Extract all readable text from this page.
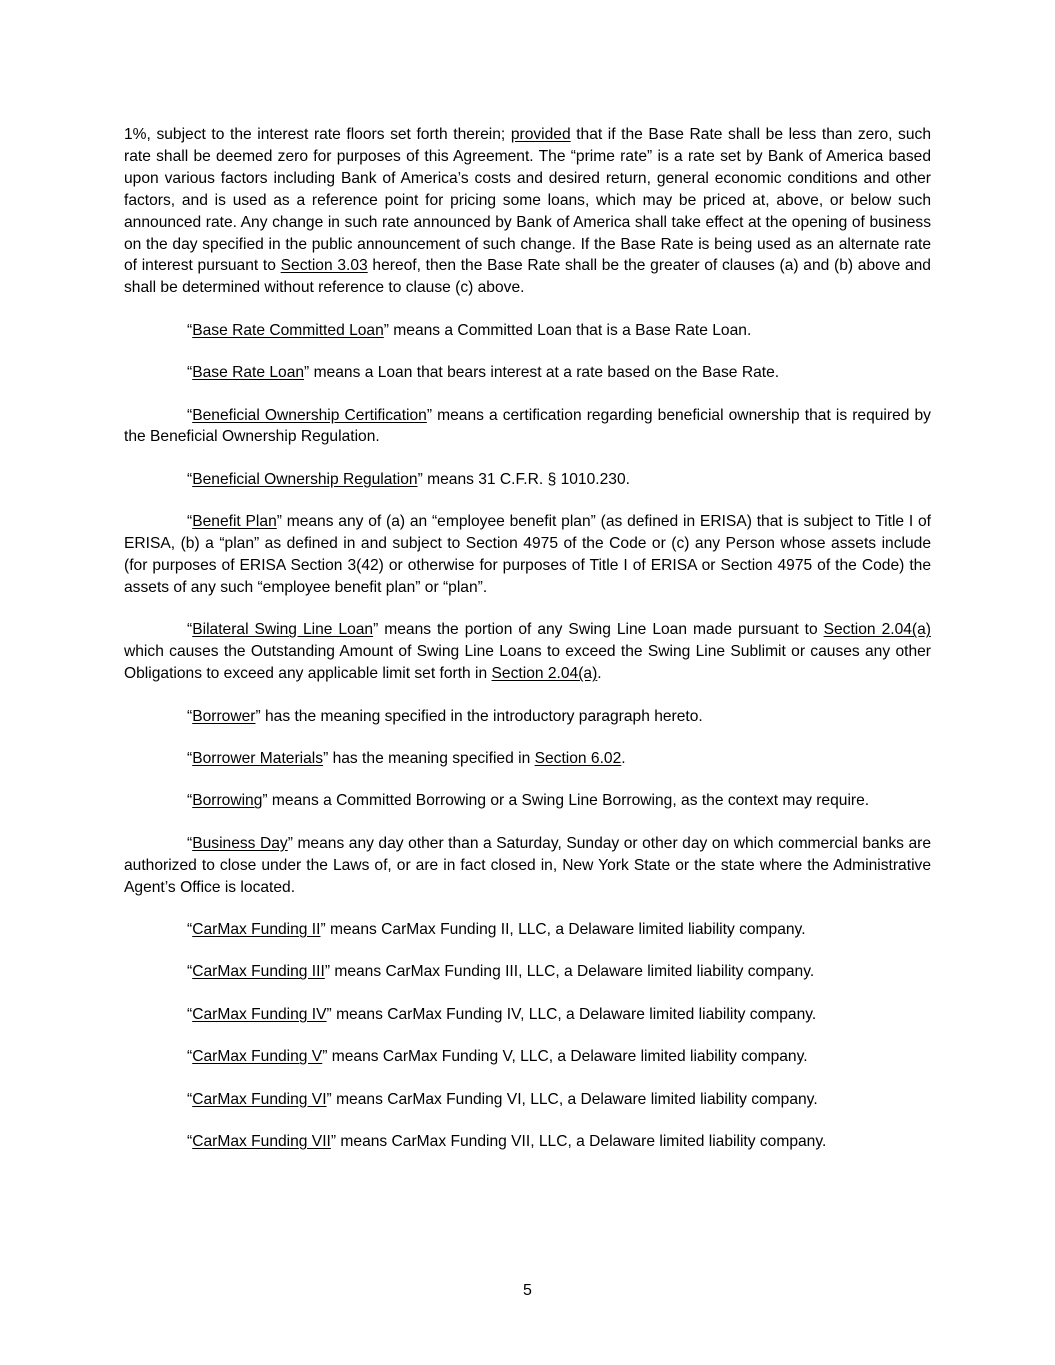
1%, subject to the interest rate floors set forth therein; provided that if the Base Rate shall be less than zero, such rate shall be deemed zero for purposes of this Agreement. The “prime rate” is a rate set by Bank of America based upon various factors including Bank of America’s costs and desired return, general economic conditions and other factors, and is used as a reference point for pricing some loans, which may be priced at, above, or below such announced rate. Any change in such rate announced by Bank of America shall take effect at the opening of business on the day specified in the public announcement of such change. If the Base Rate is being used as an alternate rate of interest pursuant to Section 3.03 hereof, then the Base Rate shall be the greater of clauses (a) and (b) above and shall be determined without reference to clause (c) above.

“Base Rate Committed Loan” means a Committed Loan that is a Base Rate Loan.

“Base Rate Loan” means a Loan that bears interest at a rate based on the Base Rate.

“Beneficial Ownership Certification” means a certification regarding beneficial ownership that is required by the Beneficial Ownership Regulation.

“Beneficial Ownership Regulation” means 31 C.F.R. § 1010.230.

“Benefit Plan” means any of (a) an “employee benefit plan” (as defined in ERISA) that is subject to Title I of ERISA, (b) a “plan” as defined in and subject to Section 4975 of the Code or (c) any Person whose assets include (for purposes of ERISA Section 3(42) or otherwise for purposes of Title I of ERISA or Section 4975 of the Code) the assets of any such “employee benefit plan” or “plan”.

“Bilateral Swing Line Loan” means the portion of any Swing Line Loan made pursuant to Section 2.04(a) which causes the Outstanding Amount of Swing Line Loans to exceed the Swing Line Sublimit or causes any other Obligations to exceed any applicable limit set forth in Section 2.04(a).

“Borrower” has the meaning specified in the introductory paragraph hereto.

“Borrower Materials” has the meaning specified in Section 6.02.

“Borrowing” means a Committed Borrowing or a Swing Line Borrowing, as the context may require.

“Business Day” means any day other than a Saturday, Sunday or other day on which commercial banks are authorized to close under the Laws of, or are in fact closed in, New York State or the state where the Administrative Agent’s Office is located.

“CarMax Funding II” means CarMax Funding II, LLC, a Delaware limited liability company.

“CarMax Funding III” means CarMax Funding III, LLC, a Delaware limited liability company.

“CarMax Funding IV” means CarMax Funding IV, LLC, a Delaware limited liability company.

“CarMax Funding V” means CarMax Funding V, LLC, a Delaware limited liability company.

“CarMax Funding VI” means CarMax Funding VI, LLC, a Delaware limited liability company.

“CarMax Funding VII” means CarMax Funding VII, LLC, a Delaware limited liability company.

5
